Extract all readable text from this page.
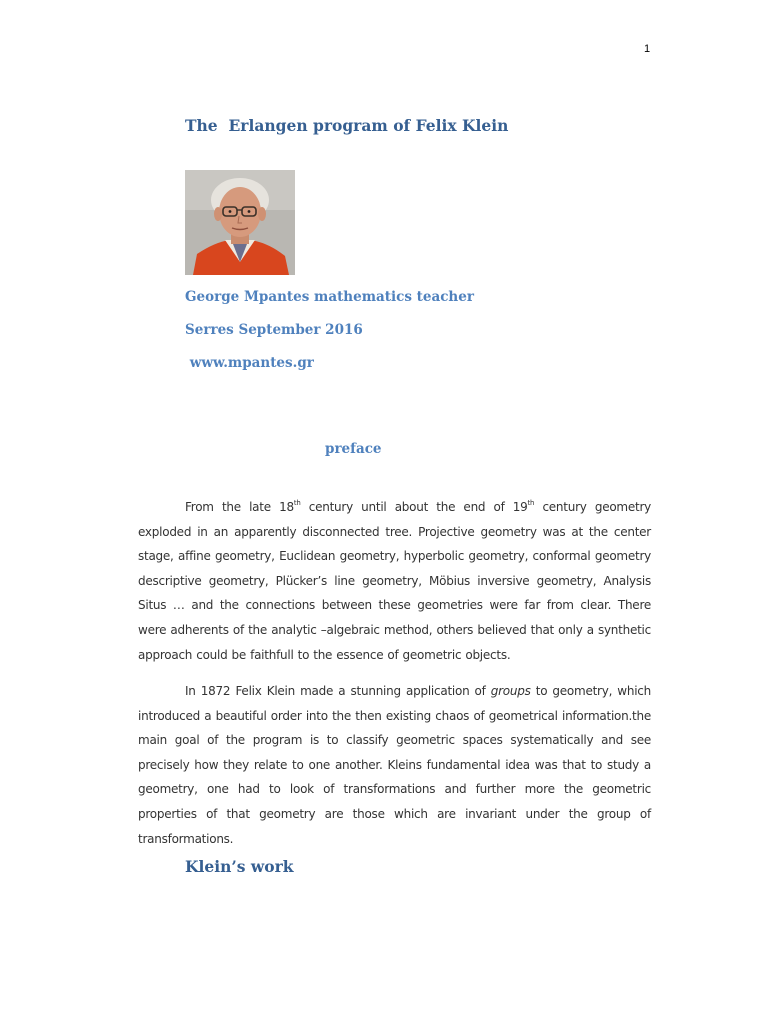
1
The  Erlangen program of Felix Klein
George Mpantes mathematics teacher
Serres September 2016
www.mpantes.gr
preface

From the late 18th century until about the end of 19th century geometry exploded in an apparently disconnected tree. Projective geometry was at the center stage, affine geometry, Euclidean geometry, hyperbolic geometry, conformal geometry descriptive geometry, Plücker’s line geometry, Möbius inversive geometry, Analysis Situs … and the connections between these geometries were far from clear. There were adherents of the analytic –algebraic method, others believed that only a synthetic approach could be faithfull to the essence of geometric objects.

In 1872 Felix Klein made a stunning application of groups to geometry, which introduced a beautiful order into the then existing chaos of geometrical information.the main goal of the program is to classify geometric spaces systematically and see precisely how they relate to one another. Kleins fundamental idea was that to study a geometry, one had to look of transformations and further more the geometric properties of that geometry are those which are invariant under the group of transformations.

Klein’s work
